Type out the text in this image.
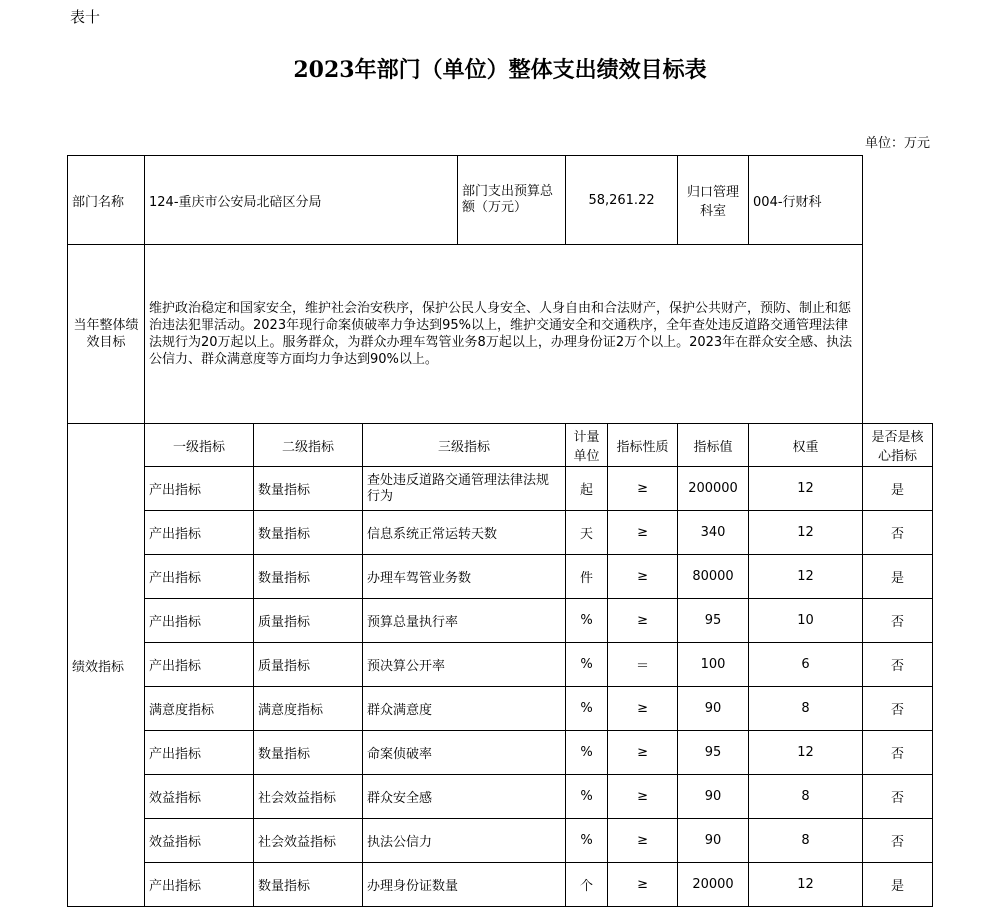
表十
2023年部门（单位）整体支出绩效目标表
单位：万元
部门名称	124-重庆市公安局北碚区分局			部门支出预算总额（万元）	58,261.22		归口管理科室	004-行财科	
当年整体绩效目标	维护政治稳定和国家安全，维护社会治安秩序，保护公民人身安全、人身自由和合法财产，保护公共财产，预防、制止和惩治违法犯罪活动。2023年现行命案侦破率力争达到95%以上，维护交通安全和交通秩序，全年查处违反道路交通管理法律法规行为20万起以上。服务群众，为群众办理车驾管业务8万起以上，办理身份证2万个以上。2023年在群众安全感、执法公信力、群众满意度等方面均力争达到90%以上。								
绩效指标	一级指标	二级指标	三级指标		计量单位	指标性质	指标值	权重	是否是核心指标
	产出指标	数量指标	查处违反道路交通管理法律法规行为		起	≥	200000	12	是
	产出指标	数量指标	信息系统正常运转天数		天	≥	340	12	否
	产出指标	数量指标	办理车驾管业务数		件	≥	80000	12	是
	产出指标	质量指标	预算总量执行率		%	≥	95	10	否
	产出指标	质量指标	预决算公开率		%	＝	100	6	否
	满意度指标	满意度指标	群众满意度		%	≥	90	8	否
	产出指标	数量指标	命案侦破率		%	≥	95	12	否
	效益指标	社会效益指标	群众安全感		%	≥	90	8	否
	效益指标	社会效益指标	执法公信力		%	≥	90	8	否
	产出指标	数量指标	办理身份证数量		个	≥	20000	12	是
